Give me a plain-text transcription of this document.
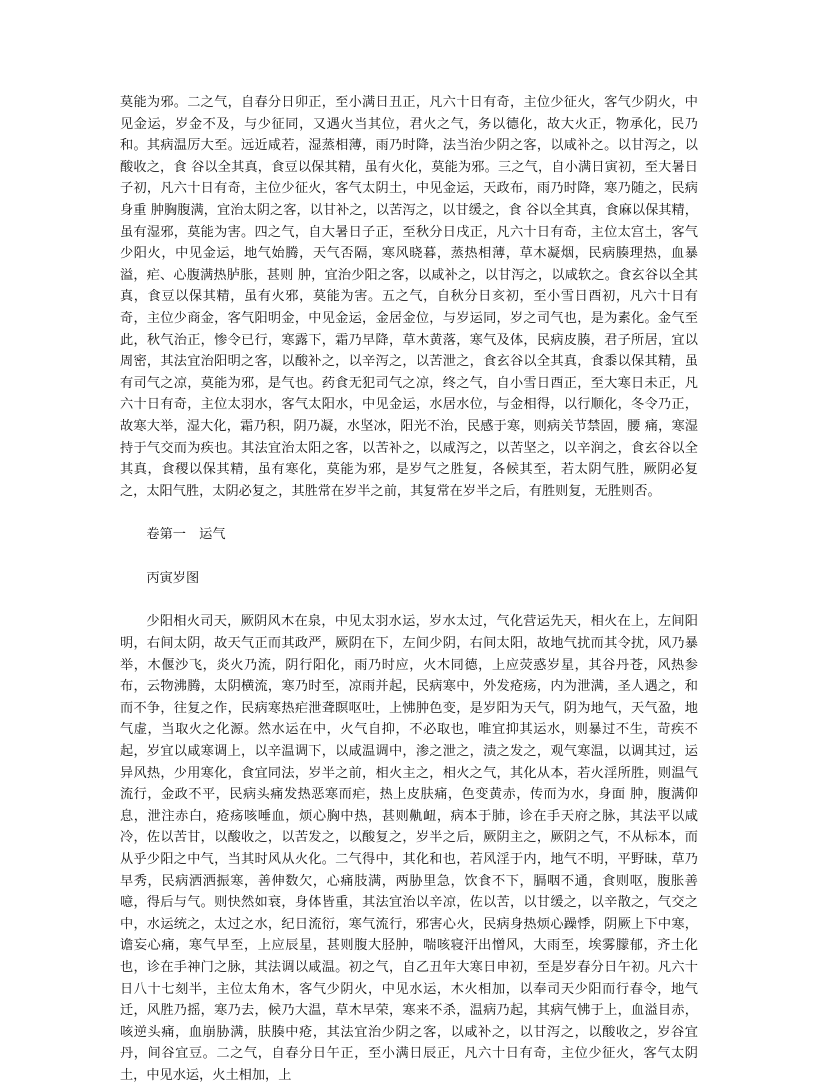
莫能为邪。二之气，自春分日卯正，至小满日丑正，凡六十日有奇，主位少征火，客气少阴火，中见金运，岁金不及，与少征同，又遇火当其位，君火之气，务以德化，故大火正，物承化，民乃和。其病温厉大至。远近咸若，湿蒸相薄，雨乃时降，法当治少阴之客，以咸补之。以甘泻之，以酸收之，食 谷以全其真，食豆以保其精，虽有火化，莫能为邪。三之气，自小满日寅初，至大暑日子初，凡六十日有奇，主位少征火，客气太阴土，中见金运，天政布，雨乃时降，寒乃随之，民病身重 肿胸腹满，宜治太阴之客，以甘补之，以苦泻之，以甘缓之，食 谷以全其真，食麻以保其精，虽有湿邪，莫能为害。四之气，自大暑日子正，至秋分日戌正，凡六十日有奇，主位太宫土，客气少阳火，中见金运，地气始腾，天气否隔，寒风晓暮，蒸热相薄，草木凝烟，民病腠理热，血暴溢，疟、心腹满热胪胀，甚则 肿，宜治少阳之客，以咸补之，以甘泻之，以咸软之。食玄谷以全其真，食豆以保其精，虽有火邪，莫能为害。五之气，自秋分日亥初，至小雪日酉初，凡六十日有奇，主位少商金，客气阳明金，中见金运，金居金位，与岁运同，岁之司气也，是为素化。金气至此，秋气治正，惨令已行，寒露下，霜乃早降，草木黄落，寒气及体，民病皮腠，君子所居，宜以周密，其法宜治阳明之客，以酸补之，以辛泻之，以苦泄之，食玄谷以全其真，食黍以保其精，虽有司气之凉，莫能为邪，是气也。药食无犯司气之凉，终之气，自小雪日酉正，至大寒日未正，凡六十日有奇，主位太羽水，客气太阳水，中见金运，水居水位，与金相得，以行顺化，冬令乃正，故寒大举，湿大化，霜乃积，阴乃凝，水坚冰，阳光不治，民感于寒，则病关节禁固，腰 痛，寒湿持于气交而为疾也。其法宜治太阳之客，以苦补之，以咸泻之，以苦坚之，以辛润之，食玄谷以全其真，食稷以保其精，虽有寒化，莫能为邪，是岁气之胜复，各候其至，若太阴气胜，厥阴必复之，太阳气胜，太阴必复之，其胜常在岁半之前，其复常在岁半之后，有胜则复，无胜则否。

卷第一　运气

丙寅岁图

少阳相火司天，厥阴风木在泉，中见太羽水运，岁水太过，气化营运先天，相火在上，左间阳明，右间太阴，故天气正而其政严，厥阴在下，左间少阴，右间太阳，故地气扰而其令扰，风乃暴举，木偃沙飞，炎火乃流，阴行阳化，雨乃时应，火木同德，上应荧惑岁星，其谷丹苍，风热参布，云物沸腾，太阴横流，寒乃时至，凉雨并起，民病寒中，外发疮疡，内为泄满，圣人遇之，和而不争，往复之作，民病寒热疟泄聋瞑呕吐，上怫肿色变，是岁阳为天气，阴为地气，天气盈，地气虚，当取火之化源。然水运在中，火气自抑，不必取也，唯宜抑其运水，则暴过不生，苛疾不起，岁宜以咸寒调上，以辛温调下，以咸温调中，渗之泄之，渍之发之，观气寒温，以调其过，运异风热，少用寒化，食宜同法，岁半之前，相火主之，相火之气，其化从本，若火淫所胜，则温气流行，金政不平，民病头痛发热恶寒而疟，热上皮肤痛，色变黄赤，传而为水，身面 肿，腹满仰息，泄注赤白，疮疡咳唾血，烦心胸中热，甚则鼽衄，病本于肺，诊在手天府之脉，其法平以咸冷，佐以苦甘，以酸收之，以苦发之，以酸复之，岁半之后，厥阴主之，厥阴之气，不从标本，而从乎少阳之中气，当其时风从火化。二气得中，其化和也，若风淫于内，地气不明，平野昧，草乃早秀，民病洒洒振寒，善伸数欠，心痛肢满，两胁里急，饮食不下，膈咽不通，食则呕，腹胀善噫，得后与气。则快然如衰，身体皆重，其法宜治以辛凉，佐以苦，以甘缓之，以辛散之，气交之中，水运统之，太过之水，纪日流衍，寒气流行，邪害心火，民病身热烦心躁悸，阴厥上下中寒，谵妄心痛，寒气早至，上应辰星，甚则腹大胫肿，喘咳寝汗出憎风，大雨至，埃雾朦郁，齐土化也，诊在手神门之脉，其法调以咸温。初之气，自乙丑年大寒日申初，至是岁春分日午初。凡六十日八十七刻半，主位太角木，客气少阴火，中见水运，木火相加，以奉司天少阳而行春令，地气迁，风胜乃摇，寒乃去，候乃大温，草木早荣，寒来不杀，温病乃起，其病气怫于上，血溢目赤，咳逆头痛，血崩胁满，肤腠中疮，其法宜治少阴之客，以咸补之，以甘泻之，以酸收之，岁谷宜丹，间谷宜豆。二之气，自春分日午正，至小满日辰正，凡六十日有奇，主位少征火，客气太阴土，中见水运，火土相加，上
